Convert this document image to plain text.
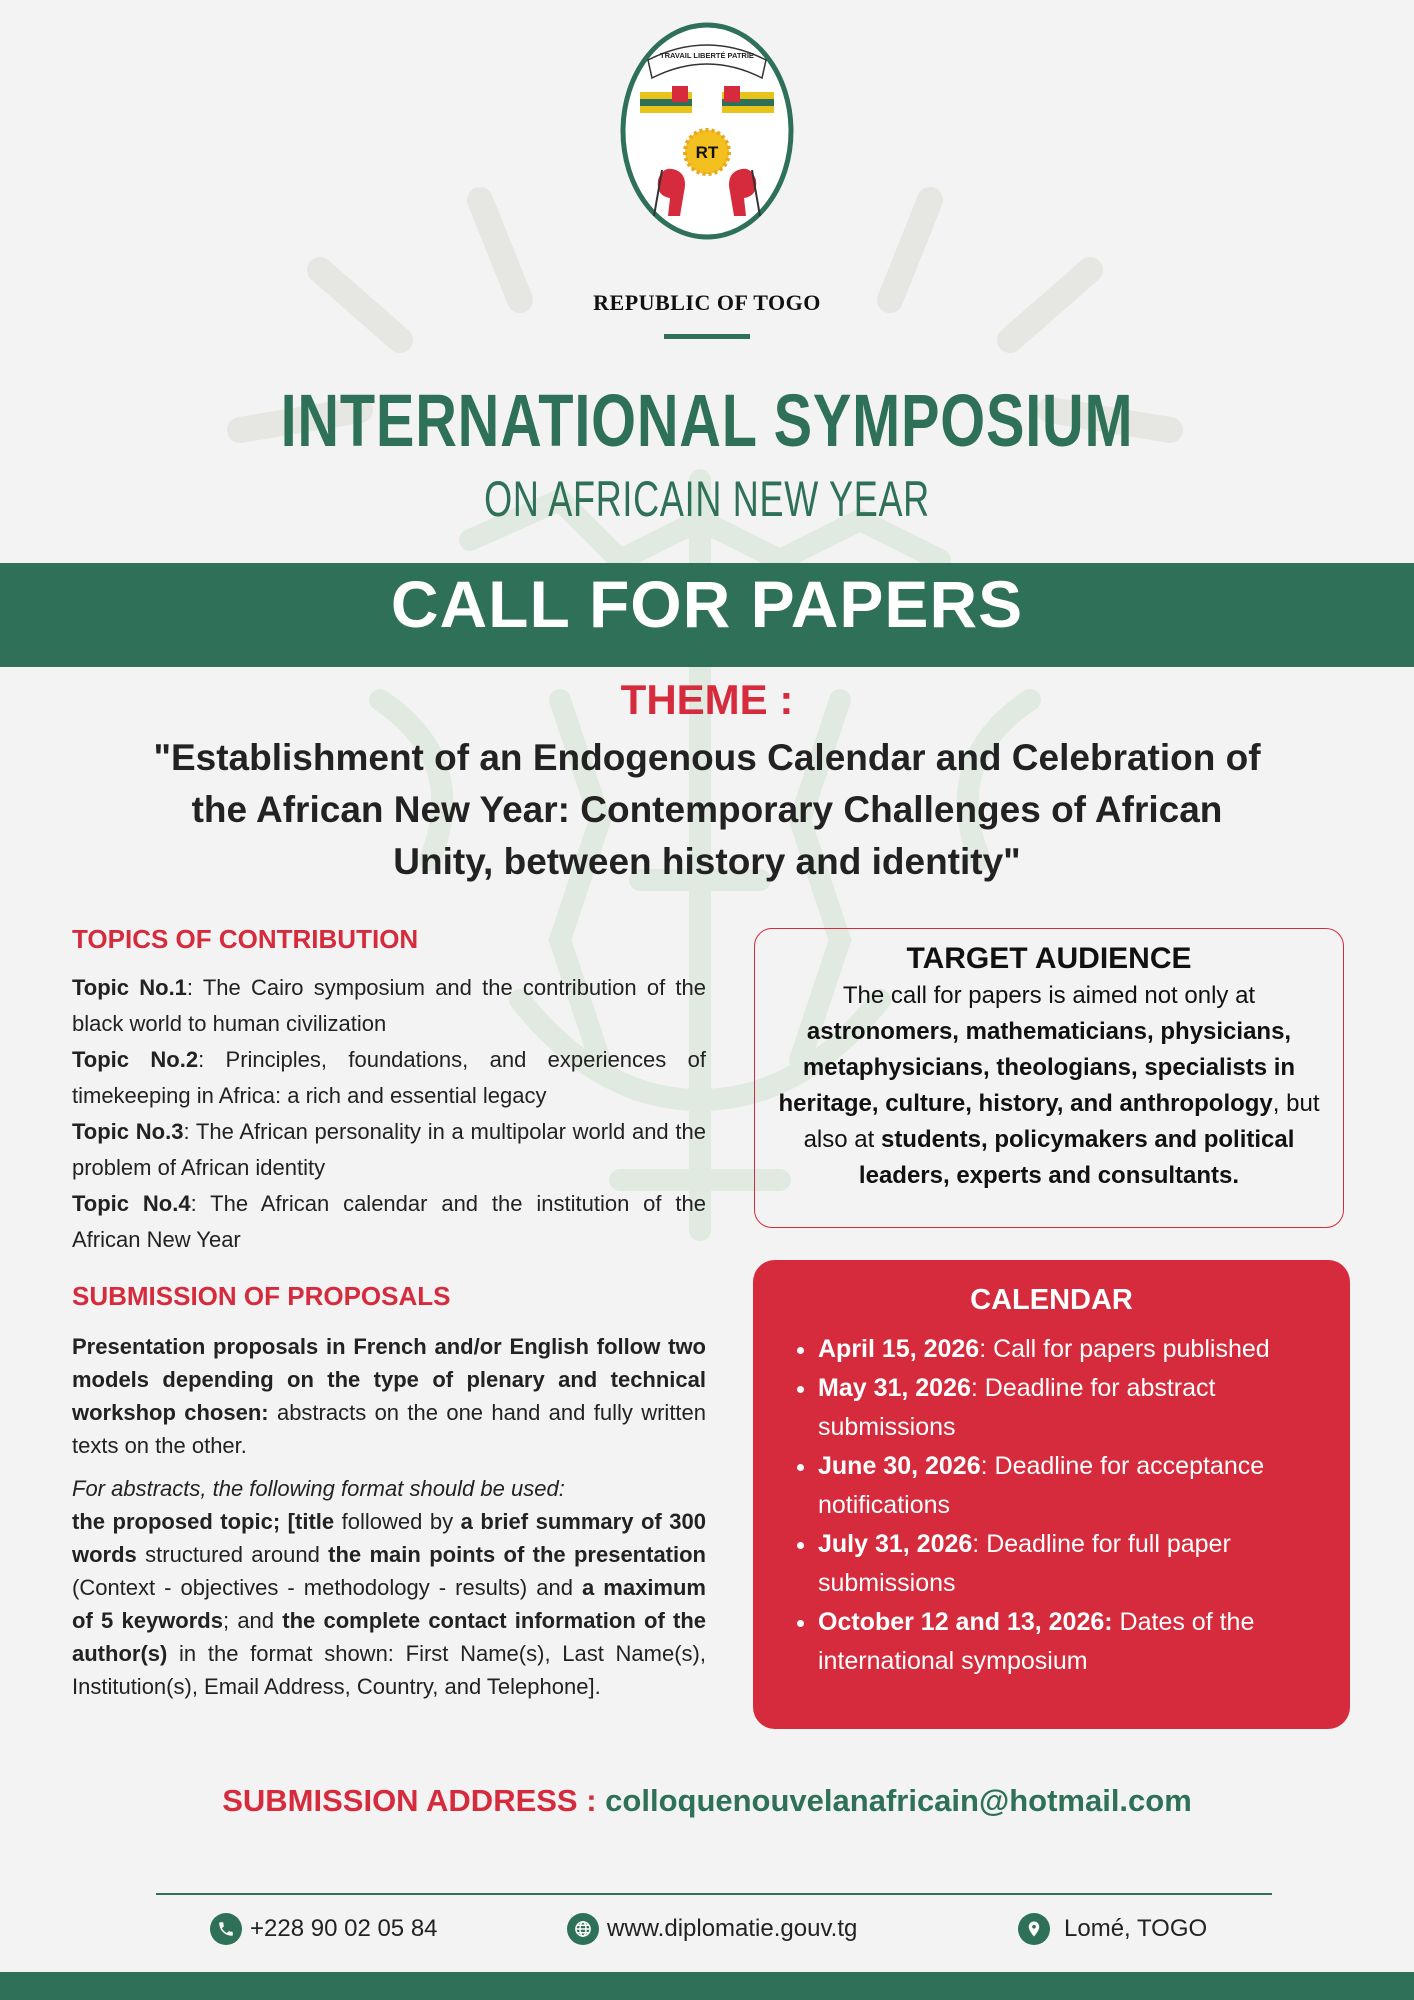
TRAVAIL LIBERTÉ PATRIE
RT
REPUBLIC OF TOGO
INTERNATIONAL SYMPOSIUM
ON AFRICAIN NEW YEAR
CALL FOR PAPERS
THEME :
"Establishment of an Endogenous Calendar and Celebration of the African New Year: Contemporary Challenges of African Unity, between history and identity"
TOPICS OF CONTRIBUTION

Topic No.1: The Cairo symposium and the contribution of the black world to human civilization

Topic No.2: Principles, foundations, and experiences of timekeeping in Africa: a rich and essential legacy

Topic No.3: The African personality in a multipolar world and the problem of African identity

Topic No.4: The African calendar and the institution of the African New Year

SUBMISSION OF PROPOSALS

Presentation proposals in French and/or English follow two models depending on the type of plenary and technical workshop chosen: abstracts on the one hand and fully written texts on the other.

For abstracts, the following format should be used:
the proposed topic; [title followed by a brief summary of 300 words structured around the main points of the presentation (Context - objectives - methodology - results) and a maximum of 5 keywords; and the complete contact information of the author(s) in the format shown: First Name(s), Last Name(s), Institution(s), Email Address, Country, and Telephone].

TARGET AUDIENCE
The call for papers is aimed not only at astronomers, mathematicians, physicians, metaphysicians, theologians, specialists in heritage, culture, history, and anthropology, but also at students, policymakers and political leaders, experts and consultants.
CALENDAR
• April 15, 2026: Call for papers published
• May 31, 2026: Deadline for abstract submissions
• June 30, 2026: Deadline for acceptance notifications
• July 31, 2026: Deadline for full paper submissions
• October 12 and 13, 2026: Dates of the international symposium
SUBMISSION ADDRESS : colloquenouvelanafricain@hotmail.com
+228 90 02 05 84	www.diplomatie.gouv.tg	Lomé, TOGO
